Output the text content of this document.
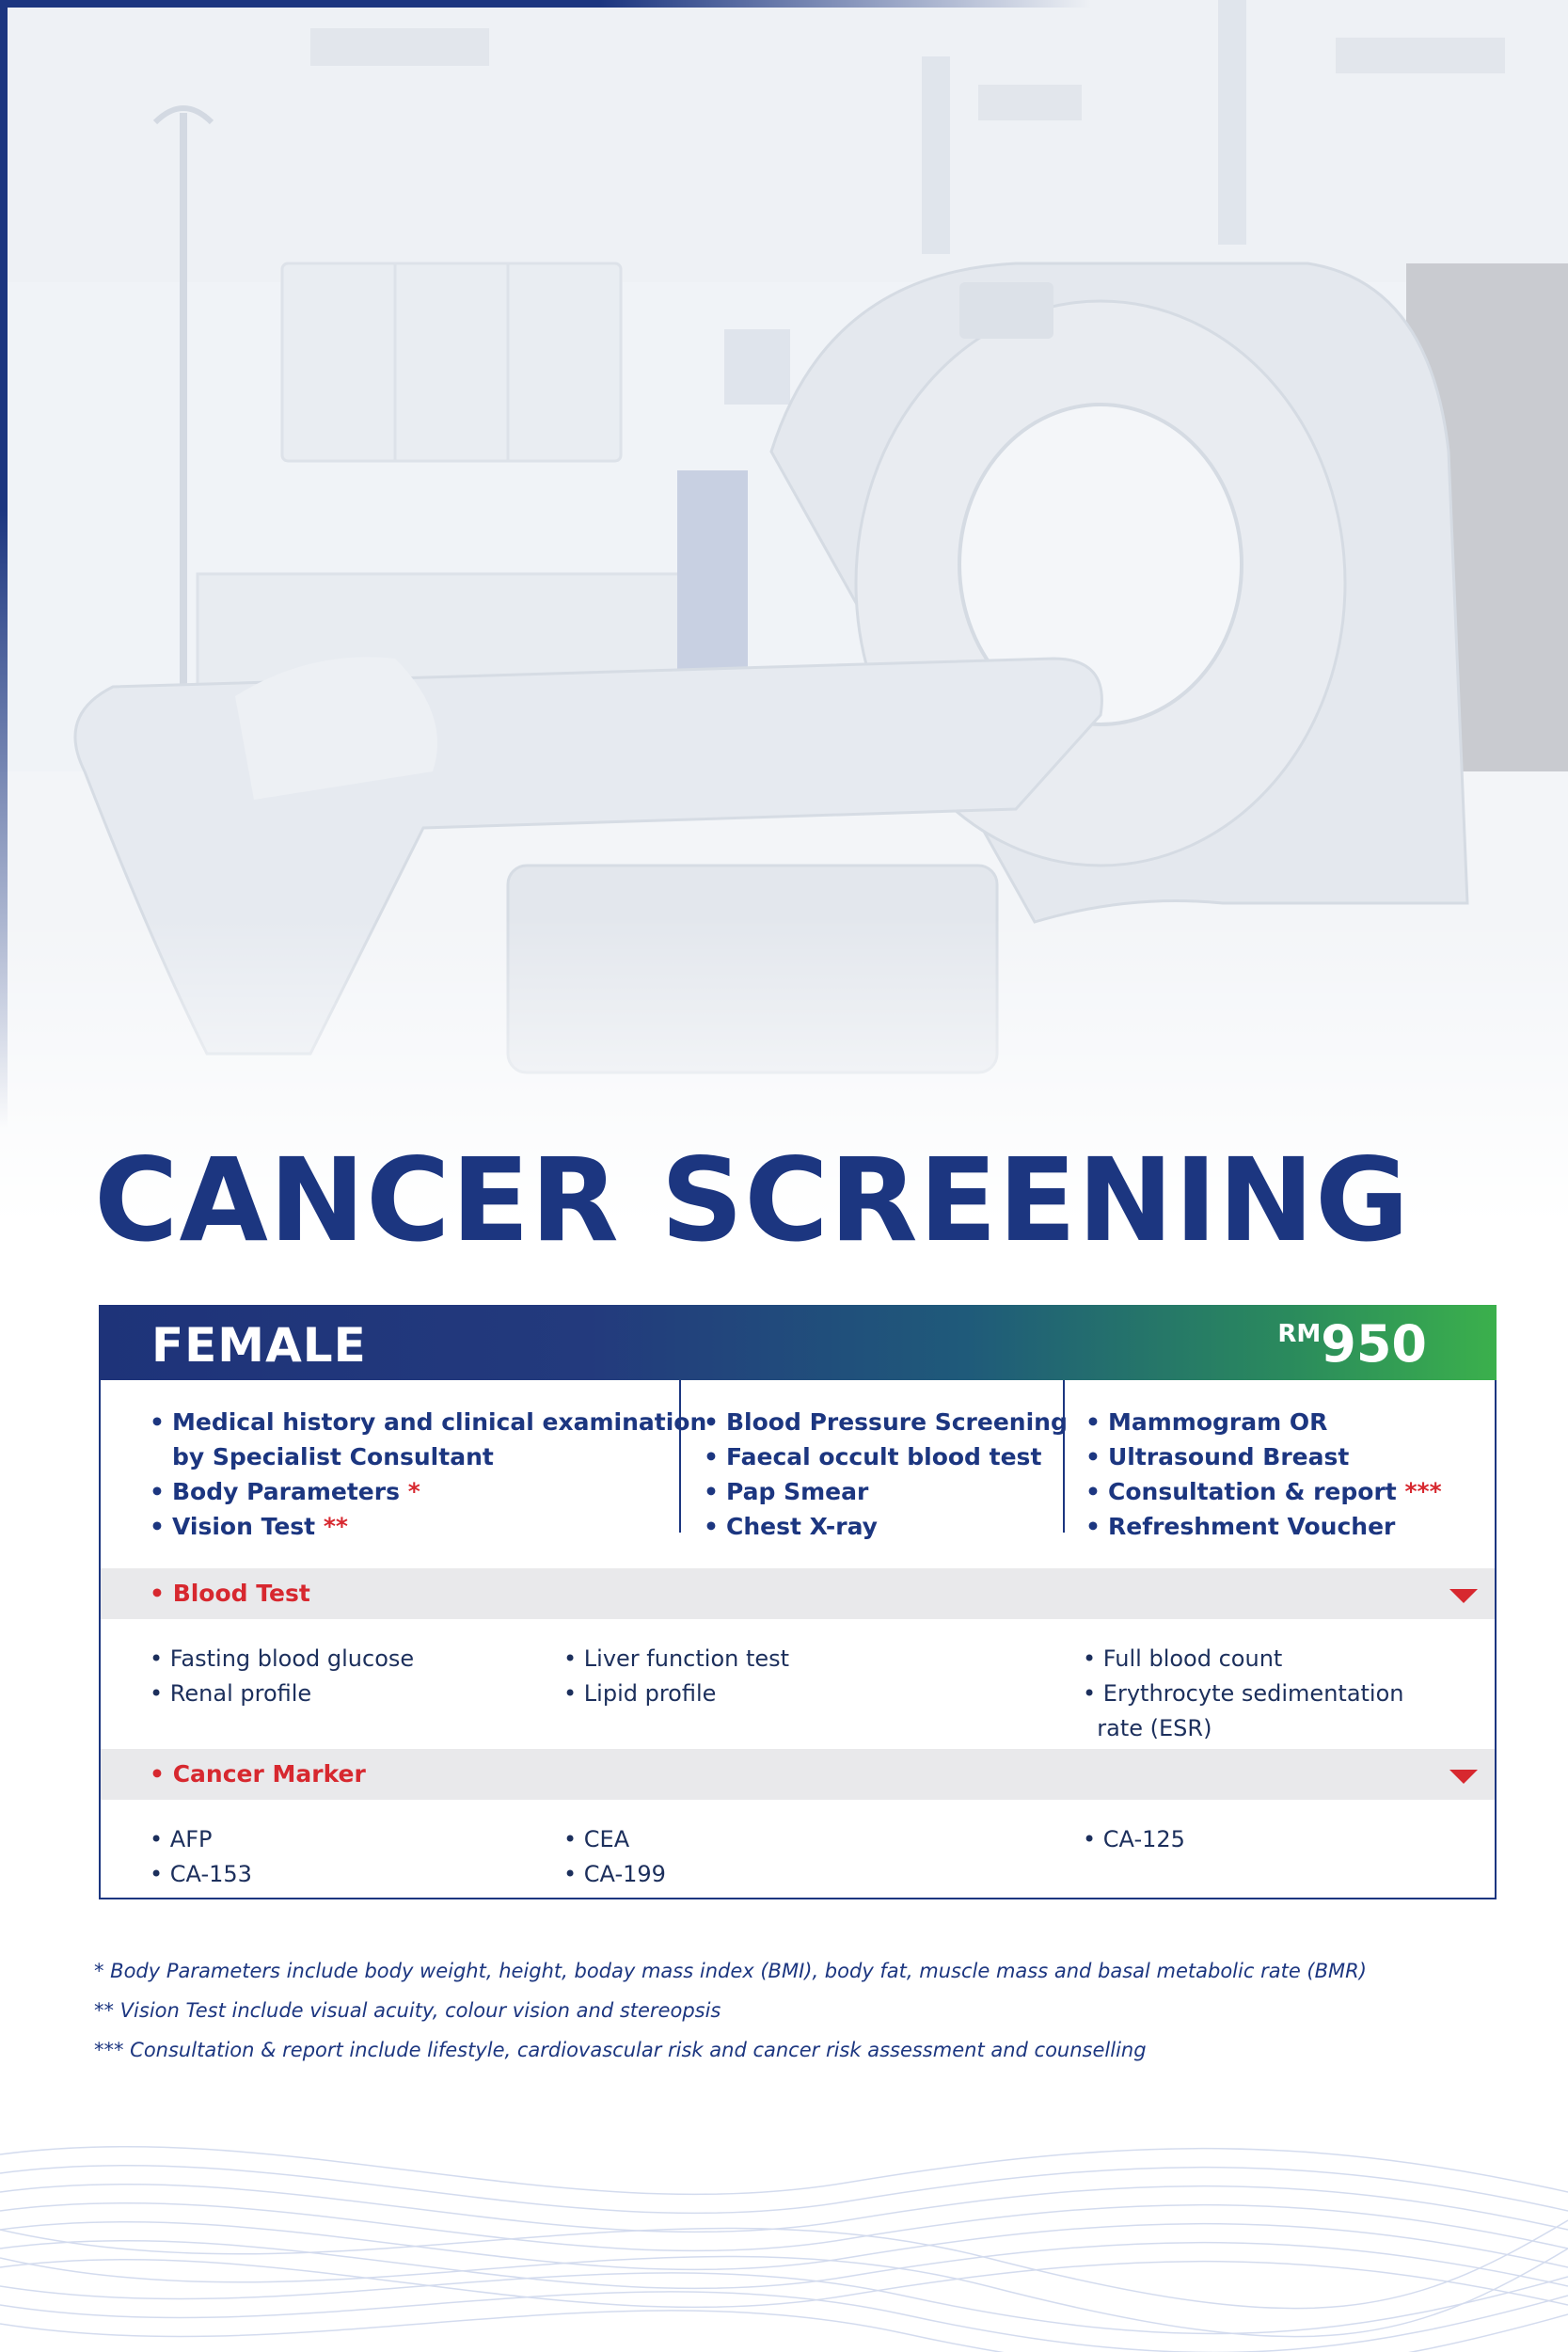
CANCER SCREENING
FEMALE	RM950
• Medical history and clinical examination
by Specialist Consultant
• Body Parameters *
• Vision Test **
• Blood Pressure Screening
• Faecal occult blood test
• Pap Smear
• Chest X-ray
• Mammogram OR
• Ultrasound Breast
• Consultation & report ***
• Refreshment Voucher
• Blood Test
• Fasting blood glucose
• Renal profile
• Liver function test
• Lipid profile
• Full blood count
• Erythrocyte sedimentation
rate (ESR)
• Cancer Marker
• AFP
• CA-153
• CEA
• CA-199
• CA-125

* Body Parameters include body weight, height, boday mass index (BMI), body fat, muscle mass and basal metabolic rate (BMR)

** Vision Test include visual acuity, colour vision and stereopsis

*** Consultation & report include lifestyle, cardiovascular risk and cancer risk assessment and counselling
